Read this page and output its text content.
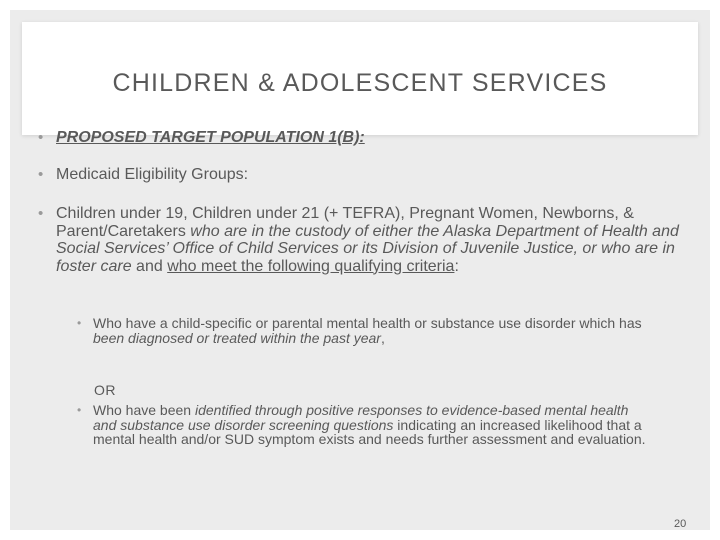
CHILDREN & ADOLESCENT SERVICES
• PROPOSED TARGET POPULATION 1(B):
• Medicaid Eligibility Groups:
• Children under 19, Children under 21 (+ TEFRA), Pregnant Women, Newborns, & Parent/Caretakers who are in the custody of either the Alaska Department of Health and Social Services’ Office of Child Services or its Division of Juvenile Justice, or who are in foster care and who meet the following qualifying criteria:
• Who have a child-specific or parental mental health or substance use disorder which has been diagnosed or treated within the past year,
• Who have been identified through positive responses to evidence-based mental health and substance use disorder screening questions indicating an increased likelihood that a mental health and/or SUD symptom exists and needs further assessment and evaluation.
OR
20
